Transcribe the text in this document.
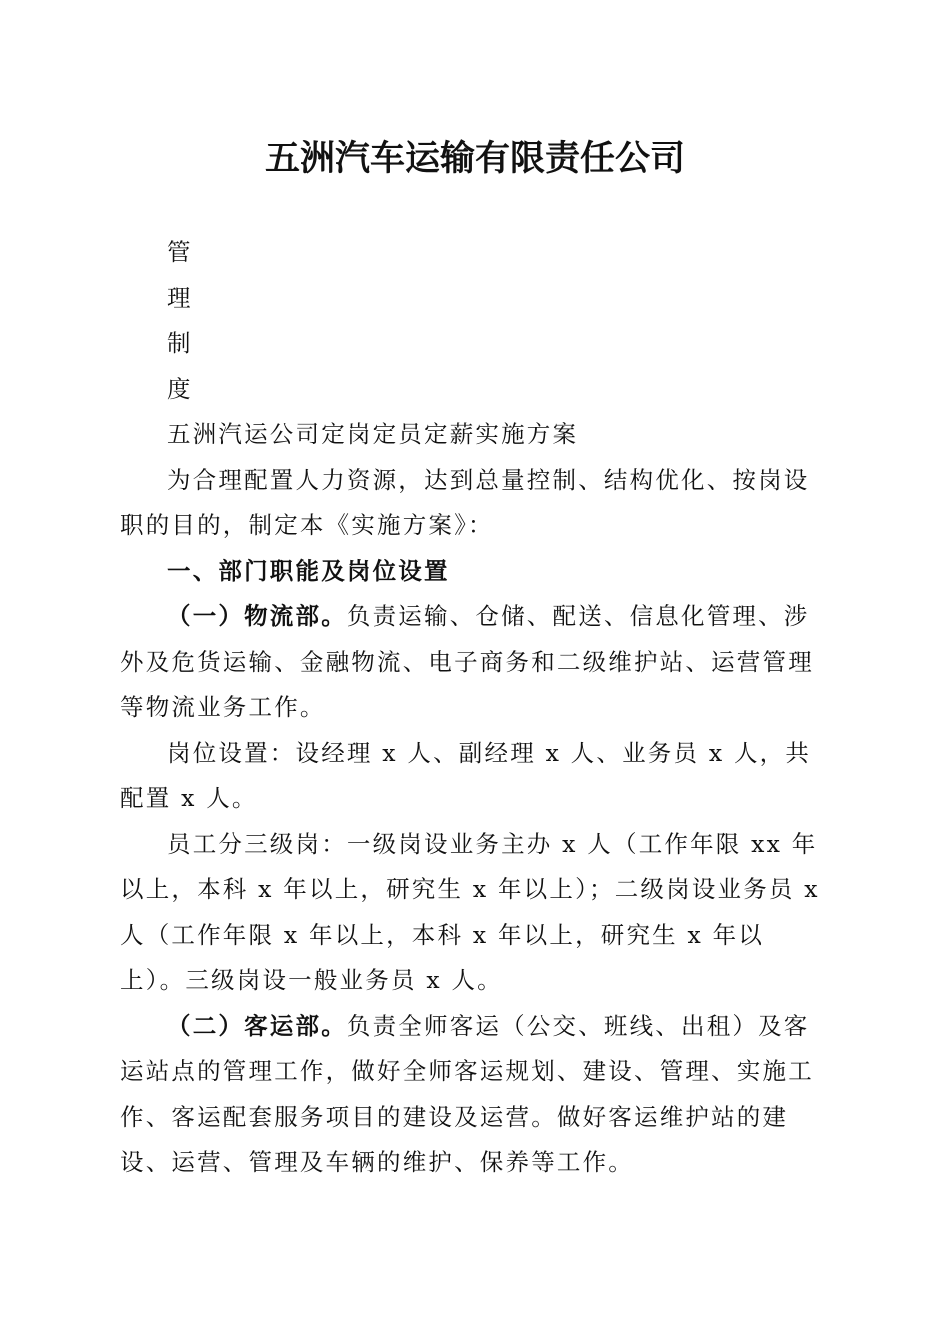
五洲汽车运输有限责任公司

管

理

制

度

五洲汽运公司定岗定员定薪实施方案

为合理配置人力资源，达到总量控制、结构优化、按岗设职的目的，制定本《实施方案》：

一、部门职能及岗位设置

（一）物流部。负责运输、仓储、配送、信息化管理、涉外及危货运输、金融物流、电子商务和二级维护站、运营管理等物流业务工作。

岗位设置：设经理 x 人、副经理 x 人、业务员 x 人，共配置 x 人。

员工分三级岗：一级岗设业务主办 x 人（工作年限 xx 年以上，本科 x 年以上，研究生 x 年以上）；二级岗设业务员 x 人（工作年限 x 年以上，本科 x 年以上，研究生 x 年以上）。三级岗设一般业务员 x 人。

（二）客运部。负责全师客运（公交、班线、出租）及客运站点的管理工作，做好全师客运规划、建设、管理、实施工作、客运配套服务项目的建设及运营。做好客运维护站的建设、运营、管理及车辆的维护、保养等工作。
